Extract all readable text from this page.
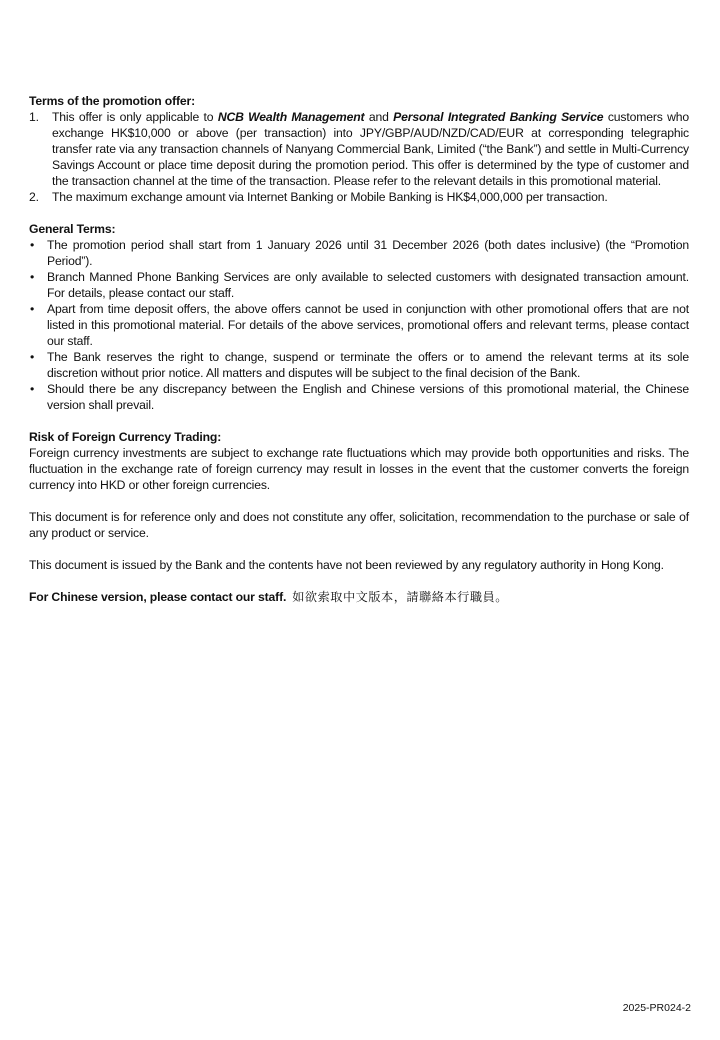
Terms of the promotion offer:

1. This offer is only applicable to NCB Wealth Management and Personal Integrated Banking Service customers who exchange HK$10,000 or above (per transaction) into JPY/GBP/AUD/NZD/CAD/EUR at corresponding telegraphic transfer rate via any transaction channels of Nanyang Commercial Bank, Limited (“the Bank”) and settle in Multi-Currency Savings Account or place time deposit during the promotion period. This offer is determined by the type of customer and the transaction channel at the time of the transaction. Please refer to the relevant details in this promotional material.
2. The maximum exchange amount via Internet Banking or Mobile Banking is HK$4,000,000 per transaction.

General Terms:

• The promotion period shall start from 1 January 2026 until 31 December 2026 (both dates inclusive) (the “Promotion Period”).
• Branch Manned Phone Banking Services are only available to selected customers with designated transaction amount. For details, please contact our staff.
• Apart from time deposit offers, the above offers cannot be used in conjunction with other promotional offers that are not listed in this promotional material. For details of the above services, promotional offers and relevant terms, please contact our staff.
• The Bank reserves the right to change, suspend or terminate the offers or to amend the relevant terms at its sole discretion without prior notice. All matters and disputes will be subject to the final decision of the Bank.
• Should there be any discrepancy between the English and Chinese versions of this promotional material, the Chinese version shall prevail.

Risk of Foreign Currency Trading:

Foreign currency investments are subject to exchange rate fluctuations which may provide both opportunities and risks. The fluctuation in the exchange rate of foreign currency may result in losses in the event that the customer converts the foreign currency into HKD or other foreign currencies.

This document is for reference only and does not constitute any offer, solicitation, recommendation to the purchase or sale of any product or service.

This document is issued by the Bank and the contents have not been reviewed by any regulatory authority in Hong Kong.

For Chinese version, please contact our staff. 如欲索取中文版本，請聯絡本行職員。

2025-PR024-2
